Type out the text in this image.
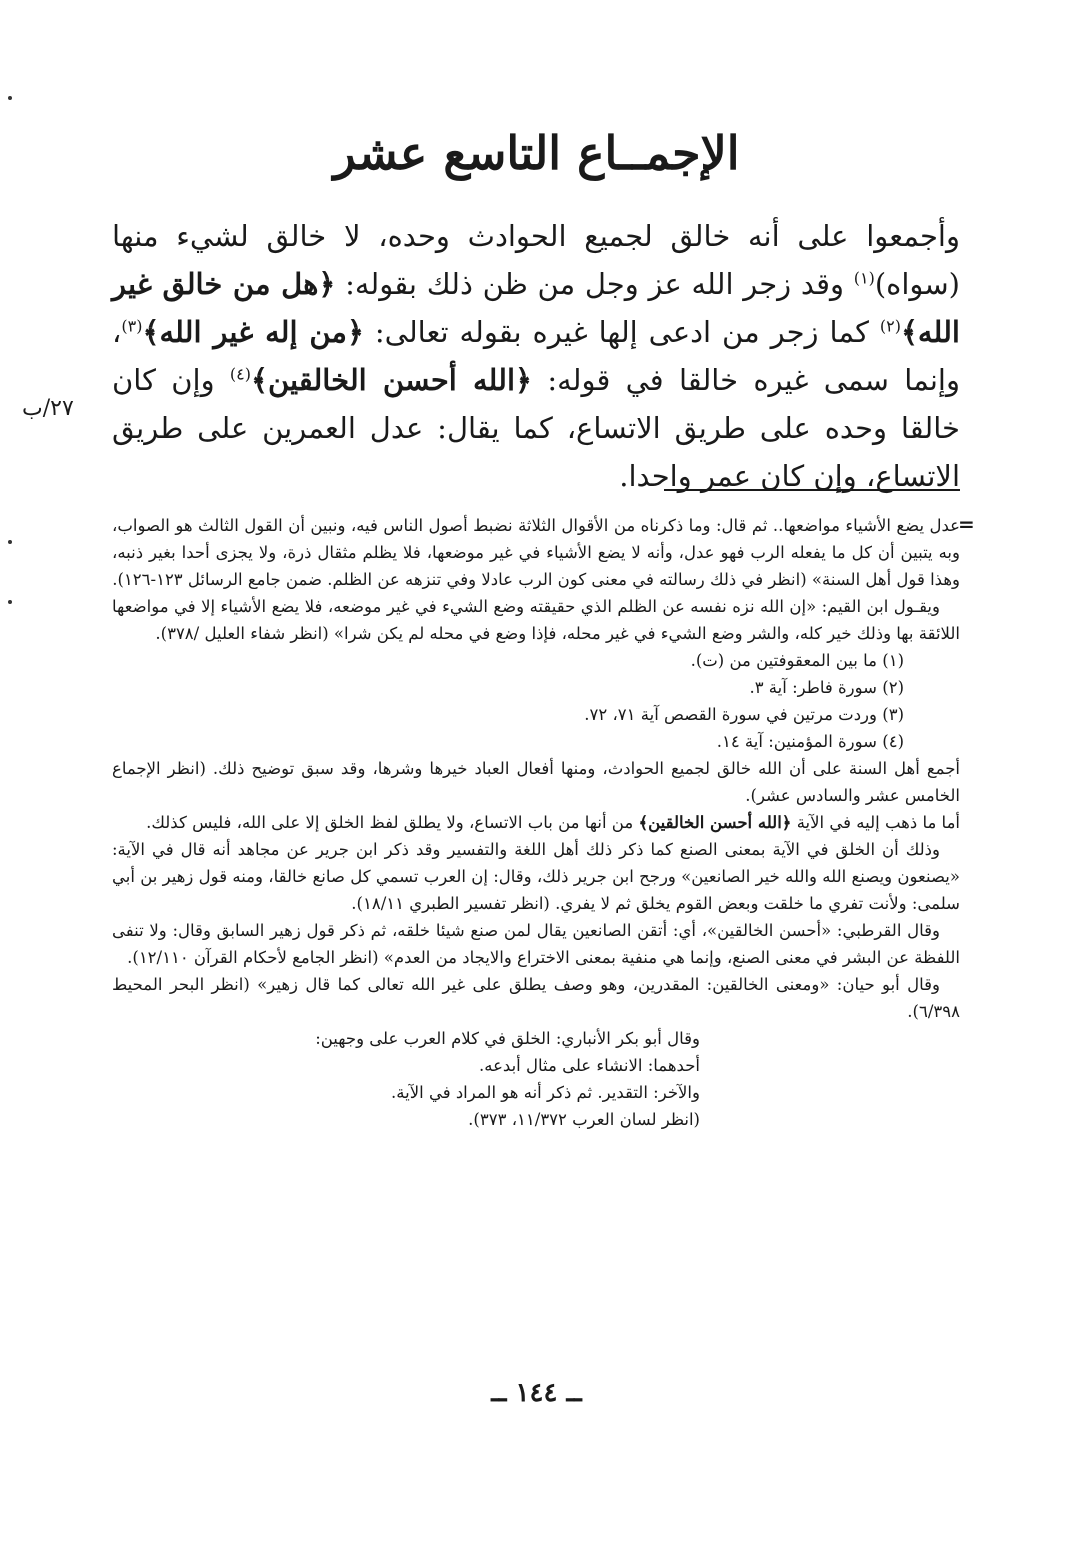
الإجمــاع التاسع عشر

وأجمعوا على أنه خالق لجميع الحوادث وحده، لا خالق لشيء منها (سواه)$^{(١)}$ وقد زجر الله عز وجل من ظن ذلك بقوله: ﴿هل من خالق غير الله﴾$^{(٢)}$ كما زجر من ادعى إلها غيره بقوله تعالى: ﴿من إله غير الله﴾$^{(٣)}$، وإنما سمى غيره خالقا في قوله: ﴿الله أحسن الخالقين﴾$^{(٤)}$ وإن كان خالقا وحده على طريق الاتساع، كما يقال: عدل العمرين على طريق الاتساع، وإن كان عمر واحدا.

٢٧/ب
=

عدل يضع الأشياء مواضعها.. ثم قال: وما ذكرناه من الأقوال الثلاثة نضبط أصول الناس فيه، ونبين أن القول الثالث هو الصواب، وبه يتبين أن كل ما يفعله الرب فهو عدل، وأنه لا يضع الأشياء في غير موضعها، فلا يظلم مثقال ذرة، ولا يجزى أحدا بغير ذنبه، وهذا قول أهل السنة» (انظر في ذلك رسالته في معنى كون الرب عادلا وفي تنزهه عن الظلم. ضمن جامع الرسائل ١٢٣-١٢٦).

ويقـول ابن القيم: «إن الله نزه نفسه عن الظلم الذي حقيقته وضع الشيء في غير موضعه، فلا يضع الأشياء إلا في مواضعها اللائقة بها وذلك خير كله، والشر وضع الشيء في غير محله، فإذا وضع في محله لم يكن شرا» (انظر شفاء العليل /٣٧٨).

(١) ما بين المعقوفتين من (ت).

(٢) سورة فاطر: آية ٣.

(٣) وردت مرتين في سورة القصص آية ٧١، ٧٢.

(٤) سورة المؤمنين: آية ١٤.

أجمع أهل السنة على أن الله خالق لجميع الحوادث، ومنها أفعال العباد خيرها وشرها، وقد سبق توضيح ذلك. (انظر الإجماع الخامس عشر والسادس عشر).

أما ما ذهب إليه في الآية ﴿الله أحسن الخالقين﴾ من أنها من باب الاتساع، ولا يطلق لفظ الخلق إلا على الله، فليس كذلك.

وذلك أن الخلق في الآية بمعنى الصنع كما ذكر ذلك أهل اللغة والتفسير وقد ذكر ابن جرير عن مجاهد أنه قال في الآية: «يصنعون ويصنع الله والله خير الصانعين» ورجح ابن جرير ذلك، وقال: إن العرب تسمي كل صانع خالقا، ومنه قول زهير بن أبي سلمى: ولأنت تفري ما خلقت وبعض القوم يخلق ثم لا يفري. (انظر تفسير الطبري ١٨/١١).

وقال القرطبي: «أحسن الخالقين»، أي: أتقن الصانعين يقال لمن صنع شيئا خلقه، ثم ذكر قول زهير السابق وقال: ولا تنفى اللفظة عن البشر في معنى الصنع، وإنما هي منفية بمعنى الاختراع والايجاد من العدم» (انظر الجامع لأحكام القرآن ١٢/١١٠).

وقال أبو حيان: «ومعنى الخالقين: المقدرين، وهو وصف يطلق على غير الله تعالى كما قال زهير» (انظر البحر المحيط ٦/٣٩٨).

وقال أبو بكر الأنباري: الخلق في كلام العرب على وجهين:

أحدهما: الانشاء على مثال أبدعه.

والآخر: التقدير. ثم ذكر أنه هو المراد في الآية.

(انظر لسان العرب ١١/٣٧٢، ٣٧٣).

ــ ١٤٤ ــ
